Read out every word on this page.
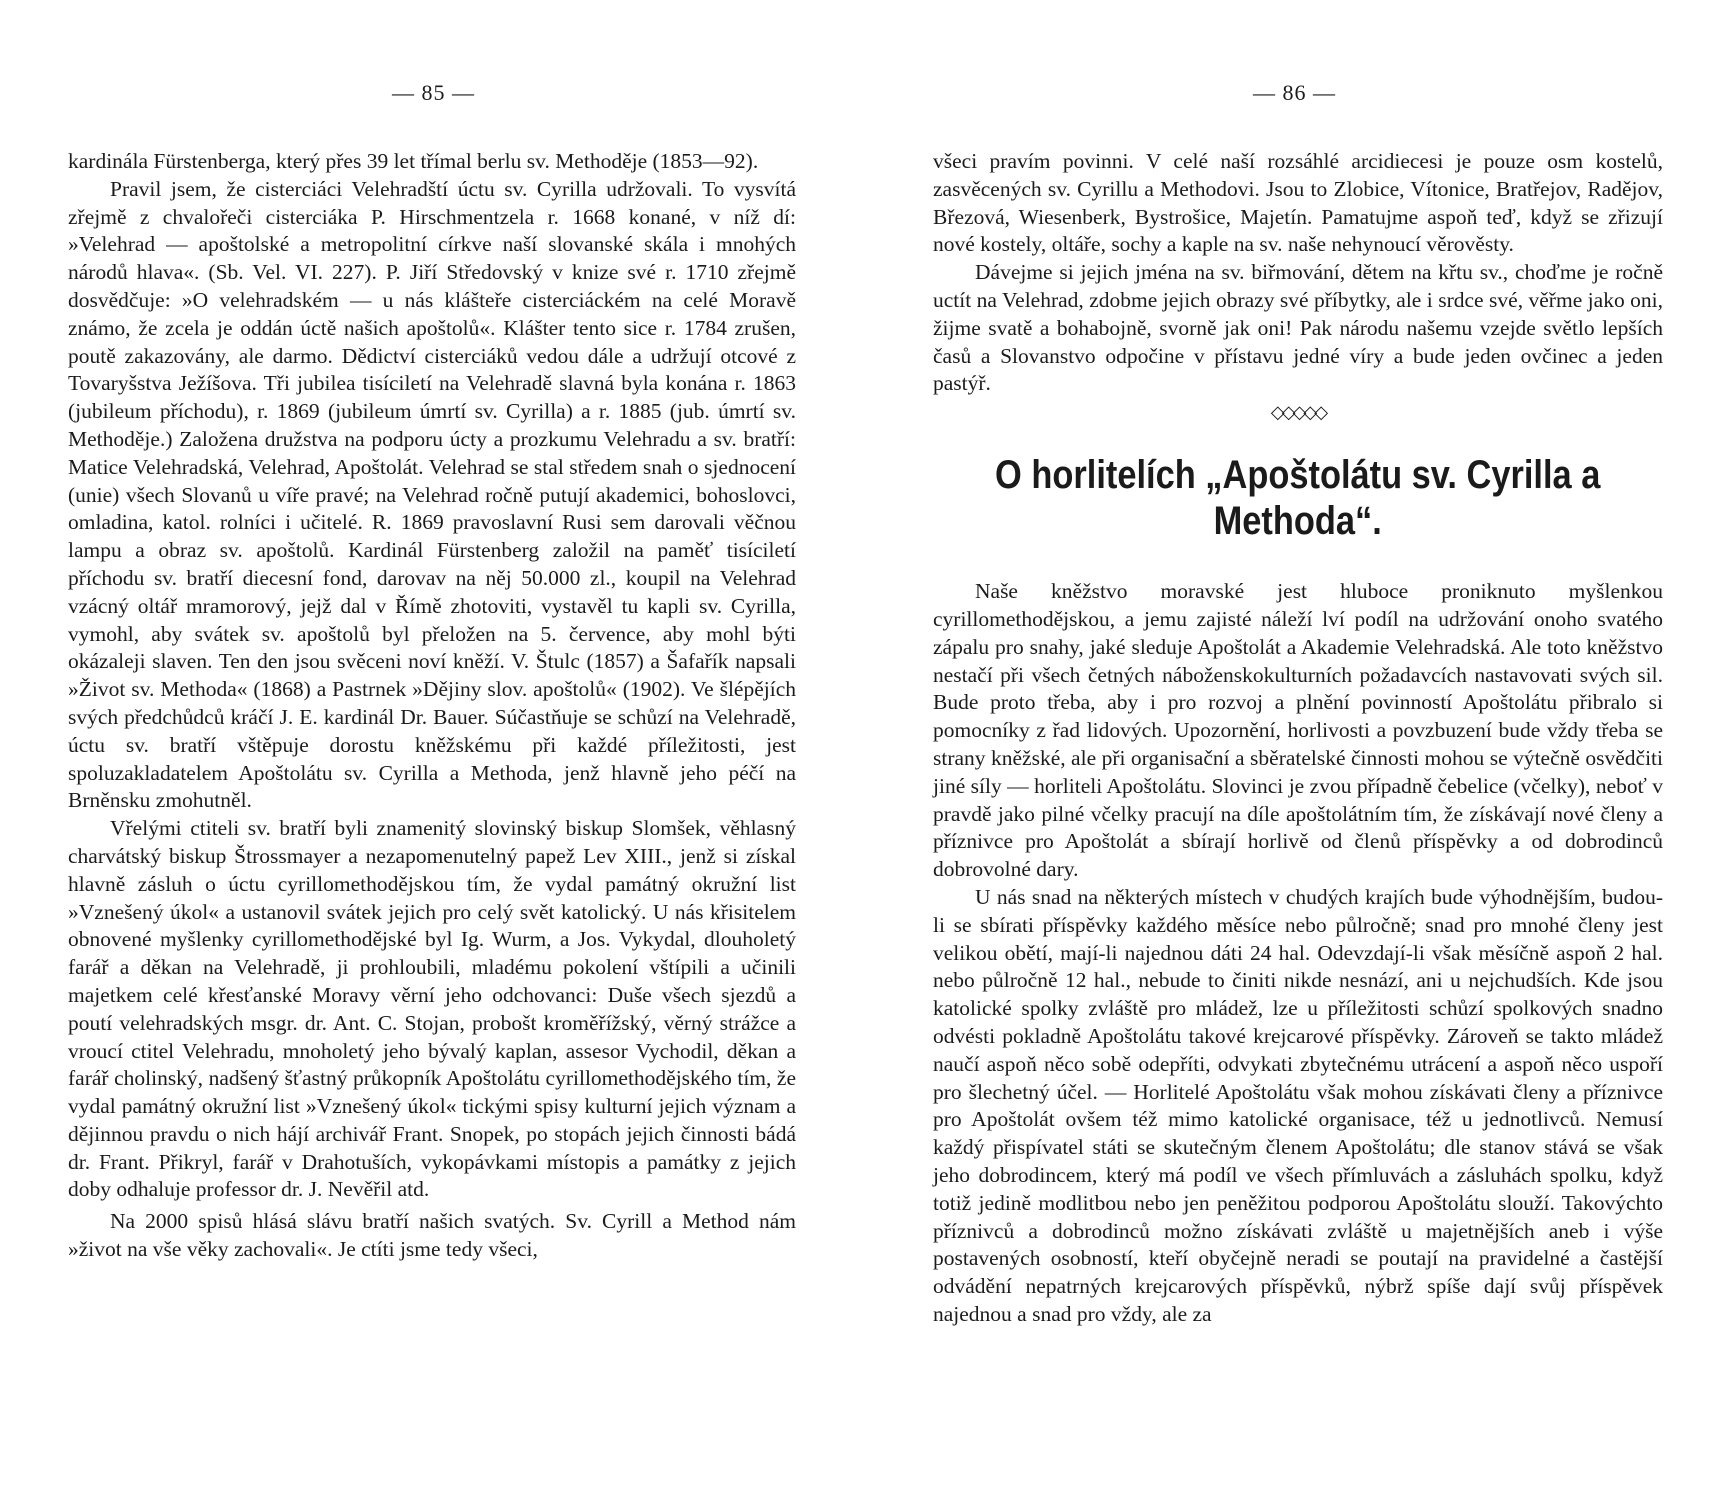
— 85 —

kardinála Fürstenberga, který přes 39 let třímal berlu sv. Methoděje (1853—92).

Pravil jsem, že cisterciáci Velehradští úctu sv. Cyrilla udržovali. To vysvítá zřejmě z chvalořeči cisterciáka P. Hirschmentzela r. 1668 konané, v níž dí: »Velehrad — apoštolské a metropolitní církve naší slovanské skála i mnohých národů hlava«. (Sb. Vel. VI. 227). P. Jiří Středovský v knize své r. 1710 zřejmě dosvědčuje: »O velehradském — u nás klášteře cisterciáckém na celé Moravě známo, že zcela je oddán úctě našich apoštolů«. Klášter tento sice r. 1784 zrušen, poutě zakazovány, ale darmo. Dědictví cisterciáků vedou dále a udržují otcové z Tovaryšstva Ježíšova. Tři jubilea tisíciletí na Velehradě slavná byla konána r. 1863 (jubileum příchodu), r. 1869 (jubileum úmrtí sv. Cyrilla) a r. 1885 (jub. úmrtí sv. Methoděje.) Založena družstva na podporu úcty a prozkumu Velehradu a sv. bratří: Matice Velehradská, Velehrad, Apoštolát. Velehrad se stal středem snah o sjednocení (unie) všech Slovanů u víře pravé; na Velehrad ročně putují akademici, bohoslovci, omladina, katol. rolníci i učitelé. R. 1869 pravoslavní Rusi sem darovali věčnou lampu a obraz sv. apoštolů. Kardinál Fürstenberg založil na paměť tisíciletí příchodu sv. bratří diecesní fond, darovav na něj 50.000 zl., koupil na Velehrad vzácný oltář mramorový, jejž dal v Římě zhotoviti, vystavěl tu kapli sv. Cyrilla, vymohl, aby svátek sv. apoštolů byl přeložen na 5. července, aby mohl býti okázaleji slaven. Ten den jsou svěceni noví kněží. V. Štulc (1857) a Šafařík napsali »Život sv. Methoda« (1868) a Pastrnek »Dějiny slov. apoštolů« (1902). Ve šlépějích svých předchůdců kráčí J. E. kardinál Dr. Bauer. Súčastňuje se schůzí na Velehradě, úctu sv. bratří vštěpuje dorostu kněžskému při každé příležitosti, jest spoluzakladatelem Apoštolátu sv. Cyrilla a Methoda, jenž hlavně jeho péčí na Brněnsku zmohutněl.

Vřelými ctiteli sv. bratří byli znamenitý slovinský biskup Slomšek, věhlasný charvátský biskup Štrossmayer a nezapomenutelný papež Lev XIII., jenž si získal hlavně zásluh o úctu cyrillomethodějskou tím, že vydal památný okružní list »Vznešený úkol« a ustanovil svátek jejich pro celý svět katolický. U nás křisitelem obnovené myšlenky cyrillomethodějské byl Ig. Wurm, a Jos. Vykydal, dlouholetý farář a děkan na Velehradě, ji prohloubili, mladému pokolení vštípili a učinili majetkem celé křesťanské Moravy věrní jeho odchovanci: Duše všech sjezdů a poutí velehradských msgr. dr. Ant. C. Stojan, probošt kroměřížský, věrný strážce a vroucí ctitel Velehradu, mnoholetý jeho bývalý kaplan, assesor Vychodil, děkan a farář cholinský, nadšený šťastný průkopník Apoštolátu cyrillomethodějského tím, že vydal památný okružní list »Vznešený úkol« tickými spisy kulturní jejich význam a dějinnou pravdu o nich hájí archivář Frant. Snopek, po stopách jejich činnosti bádá dr. Frant. Přikryl, farář v Drahotuších, vykopávkami místopis a památky z jejich doby odhaluje professor dr. J. Nevěřil atd.

Na 2000 spisů hlásá slávu bratří našich svatých. Sv. Cyrill a Method nám »život na vše věky zachovali«. Je ctíti jsme tedy všeci,

— 86 —

všeci pravím povinni. V celé naší rozsáhlé arcidiecesi je pouze osm kostelů, zasvěcených sv. Cyrillu a Methodovi. Jsou to Zlobice, Vítonice, Bratřejov, Radějov, Březová, Wiesenberk, Bystrošice, Majetín. Pamatujme aspoň teď, když se zřizují nové kostely, oltáře, sochy a kaple na sv. naše nehynoucí věrověsty.

Dávejme si jejich jména na sv. biřmování, dětem na křtu sv., choďme je ročně uctít na Velehrad, zdobme jejich obrazy své příbytky, ale i srdce své, věřme jako oni, žijme svatě a bohabojně, svorně jak oni! Pak národu našemu vzejde světlo lepších časů a Slovanstvo odpočine v přístavu jedné víry a bude jeden ovčinec a jeden pastýř.

◇◇◇◇◇
O horlitelích „Apoštolátu sv. Cyrilla a Methoda“.

Naše kněžstvo moravské jest hluboce proniknuto myšlenkou cyrillomethodějskou, a jemu zajisté náleží lví podíl na udržování onoho svatého zápalu pro snahy, jaké sleduje Apoštolát a Akademie Velehradská. Ale toto kněžstvo nestačí při všech četných náboženskokulturních požadavcích nastavovati svých sil. Bude proto třeba, aby i pro rozvoj a plnění povinností Apoštolátu přibralo si pomocníky z řad lidových. Upozornění, horlivosti a povzbuzení bude vždy třeba se strany kněžské, ale při organisační a sběratelské činnosti mohou se výtečně osvědčiti jiné síly — horliteli Apoštolátu. Slovinci je zvou případně čebelice (včelky), neboť v pravdě jako pilné včelky pracují na díle apoštolátním tím, že získávají nové členy a příznivce pro Apoštolát a sbírají horlivě od členů příspěvky a od dobrodinců dobrovolné dary.

U nás snad na některých místech v chudých krajích bude výhodnějším, budou-li se sbírati příspěvky každého měsíce nebo půlročně; snad pro mnohé členy jest velikou obětí, mají-li najednou dáti 24 hal. Odevzdají-li však měsíčně aspoň 2 hal. nebo půlročně 12 hal., nebude to činiti nikde nesnází, ani u nejchudších. Kde jsou katolické spolky zvláště pro mládež, lze u příležitosti schůzí spolkových snadno odvésti pokladně Apoštolátu takové krejcarové příspěvky. Zároveň se takto mládež naučí aspoň něco sobě odepříti, odvykati zbytečnému utrácení a aspoň něco uspoří pro šlechetný účel. — Horlitelé Apoštolátu však mohou získávati členy a příznivce pro Apoštolát ovšem též mimo katolické organisace, též u jednotlivců. Nemusí každý přispívatel státi se skutečným členem Apoštolátu; dle stanov stává se však jeho dobrodincem, který má podíl ve všech přímluvách a zásluhách spolku, když totiž jedině modlitbou nebo jen peněžitou podporou Apoštolátu slouží. Takovýchto příznivců a dobrodinců možno získávati zvláště u majetnějších aneb i výše postavených osobností, kteří obyčejně neradi se poutají na pravidelné a častější odvádění nepatrných krejcarových příspěvků, nýbrž spíše dají svůj příspěvek najednou a snad pro vždy, ale za
